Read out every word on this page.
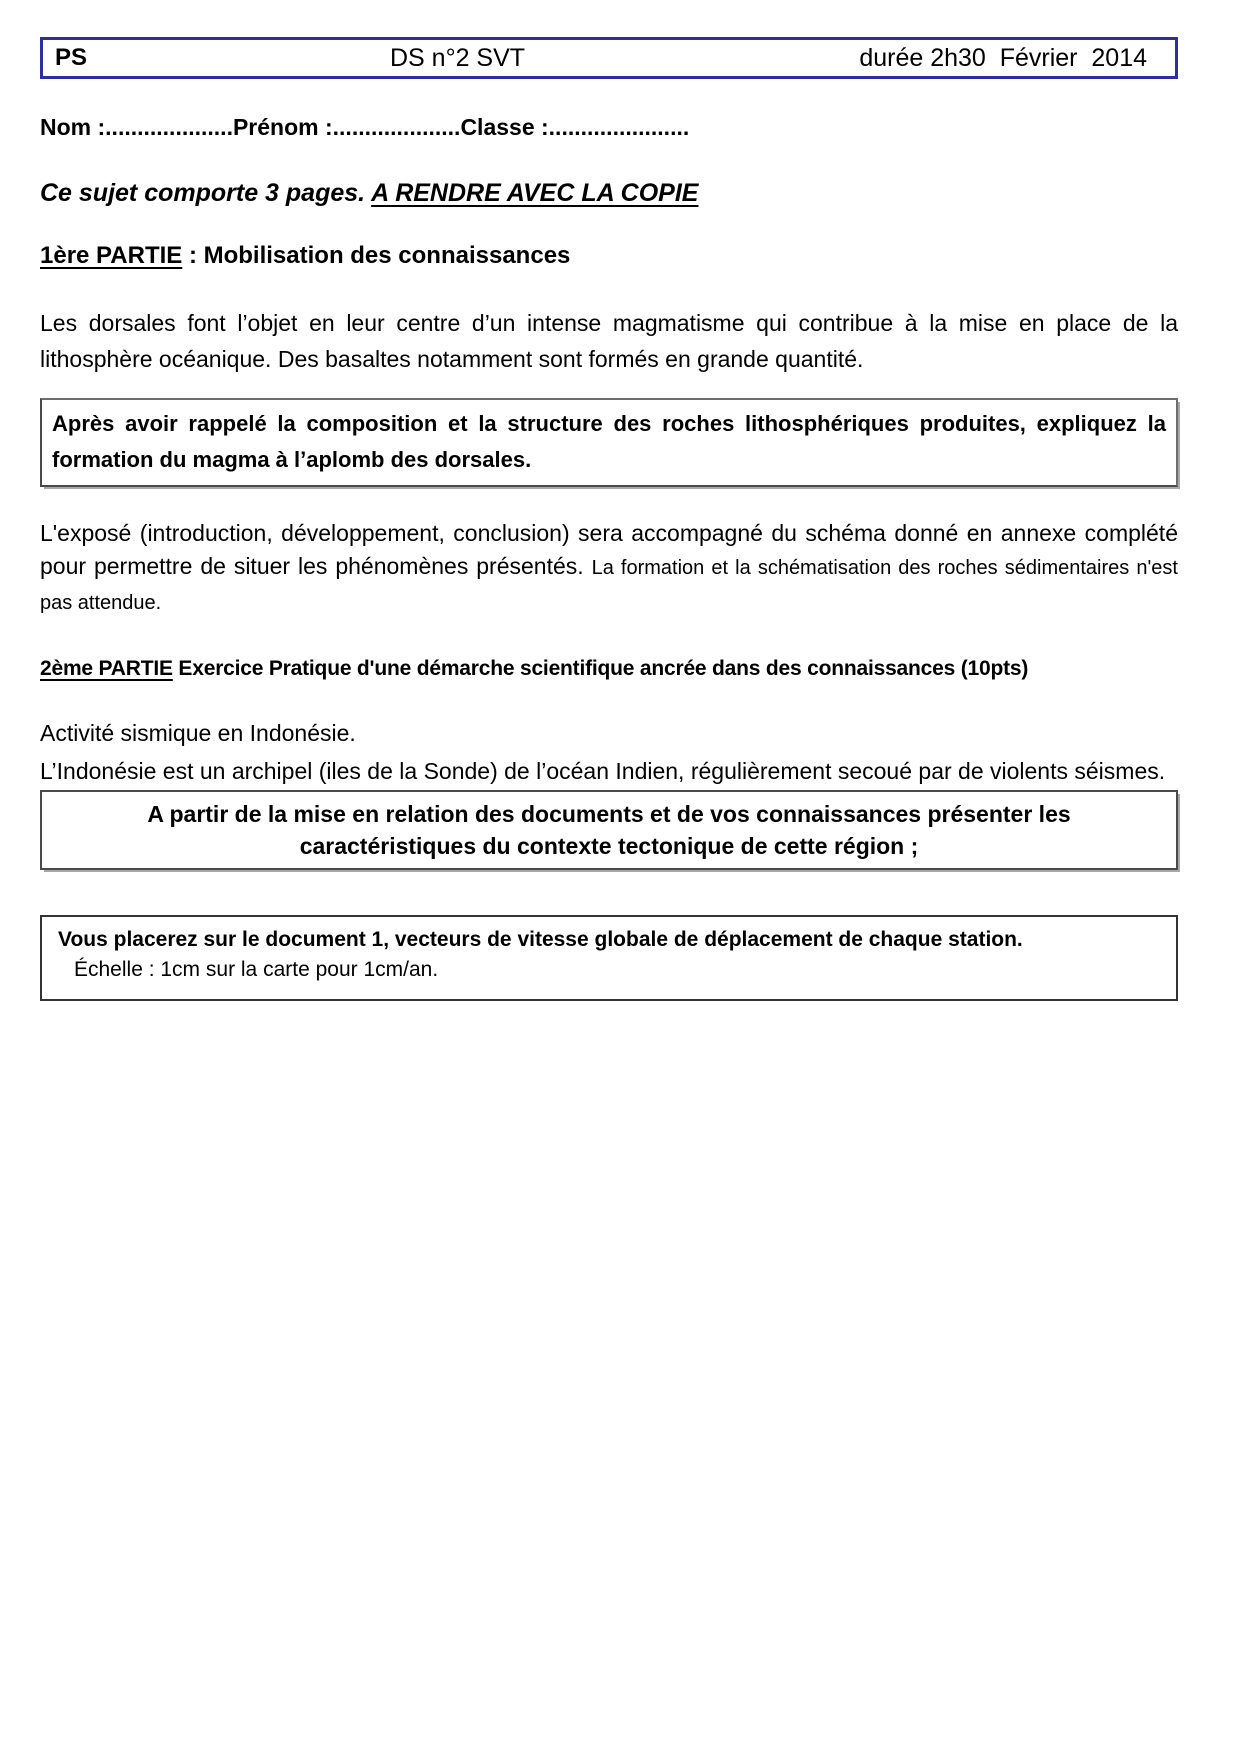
PS	DS n°2 SVT	durée 2h30  Février  2014
Nom :....................Prénom :....................Classe :......................
Ce sujet comporte 3 pages. A RENDRE AVEC LA COPIE
1ère PARTIE : Mobilisation des connaissances

Les dorsales font l’objet en leur centre d’un intense magmatisme qui contribue à la mise en place de la lithosphère océanique. Des basaltes notamment sont formés en grande quantité.

Après avoir rappelé la composition et la structure des roches lithosphériques produites, expliquez la formation du magma à l’aplomb des dorsales.

L'exposé (introduction, développement, conclusion) sera accompagné du schéma donné en annexe complété pour permettre de situer les phénomènes présentés. La formation et la schématisation des roches sédimentaires n'est pas attendue.

2ème PARTIE Exercice Pratique d'une démarche scientifique ancrée dans des connaissances (10pts)

Activité sismique en Indonésie.

L’Indonésie est un archipel (iles de la Sonde) de l’océan Indien, régulièrement secoué par de violents séismes.

A partir de la mise en relation des documents et de vos connaissances présenter les caractéristiques du contexte tectonique de cette région ;

Vous placerez sur le document 1, vecteurs de vitesse globale de déplacement de chaque station.

Échelle : 1cm sur la carte pour 1cm/an.
